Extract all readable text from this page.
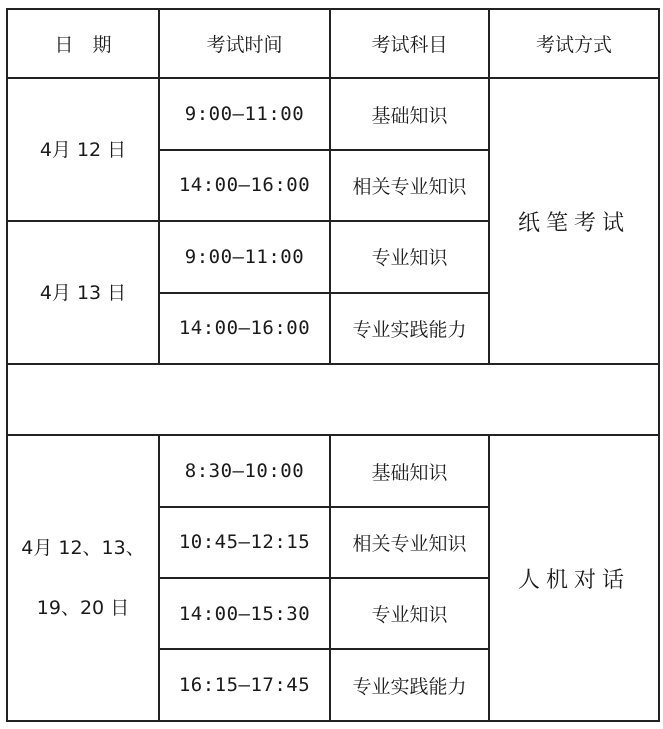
日　期	考试时间	考试科目	考试方式
4月 12 日	9:00—11:00	基础知识	纸笔考试
	14:00—16:00	相关专业知识	
4月 13 日	9:00—11:00	专业知识	
	14:00—16:00	专业实践能力	

4月 12、13、
19、20 日	8:30—10:00	基础知识	人机对话
	10:45—12:15	相关专业知识	
	14:00—15:30	专业知识	
	16:15—17:45	专业实践能力	
